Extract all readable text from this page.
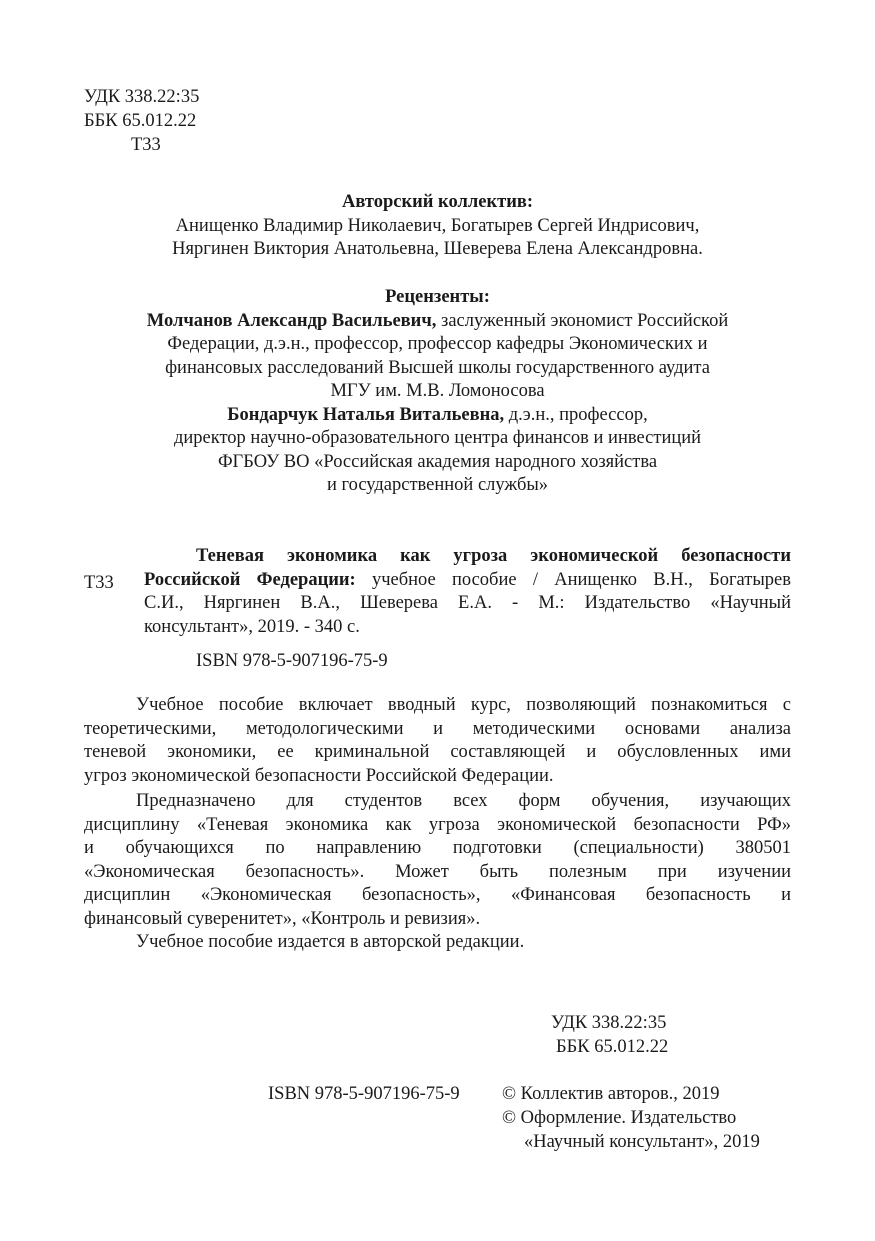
УДК 338.22:35
ББК 65.012.22
Т33
Авторский коллектив:
Анищенко Владимир Николаевич, Богатырев Сергей Индрисович,
Няргинен Виктория Анатольевна, Шеверева Елена Александровна.
Рецензенты:
Молчанов Александр Васильевич, заслуженный экономист Российской
Федерации, д.э.н., профессор, профессор кафедры Экономических и
финансовых расследований Высшей школы государственного аудита
МГУ им. М.В. Ломоносова
Бондарчук Наталья Витальевна, д.э.н., профессор,
директор научно-образовательного центра финансов и инвестиций
ФГБОУ ВО «Российская академия народного хозяйства
и государственной службы»
Т33
Теневая экономика как угроза экономической безопасности
Российской Федерации: учебное пособие / Анищенко В.Н., Богатырев
С.И., Няргинен В.А., Шеверева Е.А. - М.: Издательство «Научный
консультант», 2019. - 340 с.
ISBN 978-5-907196-75-9
Учебное пособие включает вводный курс, позволяющий познакомиться с
теоретическими, методологическими и методическими основами анализа
теневой экономики, ее криминальной составляющей и обусловленных ими
угроз экономической безопасности Российской Федерации.
Предназначено для студентов всех форм обучения, изучающих
дисциплину «Теневая экономика как угроза экономической безопасности РФ»
и обучающихся по направлению подготовки (специальности) 380501
«Экономическая безопасность». Может быть полезным при изучении
дисциплин «Экономическая безопасность», «Финансовая безопасность и
финансовый суверенитет», «Контроль и ревизия».
Учебное пособие издается в авторской редакции.
УДК 338.22:35
ББК 65.012.22
ISBN 978-5-907196-75-9 © Коллектив авторов., 2019
© Оформление. Издательство
«Научный консультант», 2019
